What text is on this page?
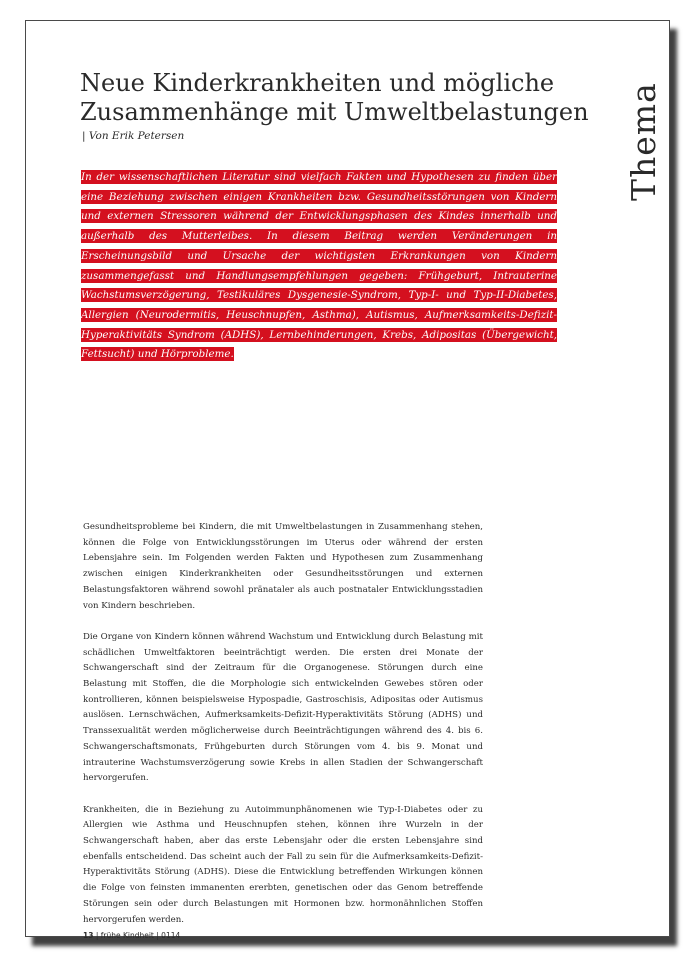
Thema
Neue Kinderkrankheiten und mögliche Zusammenhänge mit Umweltbelastungen
| Von Erik Petersen
In der wissenschaftlichen Literatur sind vielfach Fakten und Hypothesen zu finden über eine Beziehung zwischen einigen Krankheiten bzw. Gesundheitsstörungen von Kindern und externen Stressoren während der Entwicklungsphasen des Kindes innerhalb und außerhalb des Mutterleibes. In diesem Beitrag werden Veränderungen in Erscheinungsbild und Ursache der wichtigsten Erkrankungen von Kindern zusammengefasst und Handlungsempfehlungen gegeben: Frühgeburt, Intrauterine Wachstumsverzögerung, Testikuläres Dysgenesie-Syndrom, Typ-I- und Typ-II-Diabetes, Allergien (Neurodermitis, Heuschnupfen, Asthma), Autismus, Aufmerksamkeits-Defizit-Hyperaktivitäts Syndrom (ADHS), Lernbehinderungen, Krebs, Adipositas (Übergewicht, Fettsucht) und Hörprobleme.

Gesundheitsprobleme bei Kindern, die mit Umweltbelastungen in Zusammenhang stehen, können die Folge von Entwicklungsstörungen im Uterus oder während der ersten Lebensjahre sein. Im Folgenden werden Fakten und Hypothesen zum Zusammenhang zwischen einigen Kinderkrankheiten oder Gesundheitsstörungen und externen Belastungsfaktoren während sowohl pränataler als auch postnataler Entwicklungsstadien von Kindern beschrieben.

Die Organe von Kindern können während Wachstum und Entwicklung durch Belastung mit schädlichen Umweltfaktoren beeinträchtigt werden. Die ersten drei Monate der Schwangerschaft sind der Zeitraum für die Organogenese. Störungen durch eine Belastung mit Stoffen, die die Morphologie sich entwickelnden Gewebes stören oder kontrollieren, können beispielsweise Hypospadie, Gastroschisis, Adipositas oder Autismus auslösen. Lernschwächen, Aufmerksamkeits-Defizit-Hyperaktivitäts Störung (ADHS) und Transsexualität werden möglicherweise durch Beeinträchtigungen während des 4. bis 6. Schwangerschaftsmonats, Frühgeburten durch Störungen vom 4. bis 9. Monat und intrauterine Wachstumsverzögerung sowie Krebs in allen Stadien der Schwangerschaft hervorgerufen.

Krankheiten, die in Beziehung zu Autoimmunphänomenen wie Typ-I-Diabetes oder zu Allergien wie Asthma und Heuschnupfen stehen, können ihre Wurzeln in der Schwangerschaft haben, aber das erste Lebensjahr oder die ersten Lebensjahre sind ebenfalls entscheidend. Das scheint auch der Fall zu sein für die Aufmerksamkeits-Defizit-Hyperaktivitäts Störung (ADHS). Diese die Entwicklung betreffenden Wirkungen können die Folge von feinsten immanenten ererbten, genetischen oder das Genom betreffende Störungen sein oder durch Belastungen mit Hormonen bzw. hormonähnlichen Stoffen hervorgerufen werden.

13 | frühe Kindheit | 0114
